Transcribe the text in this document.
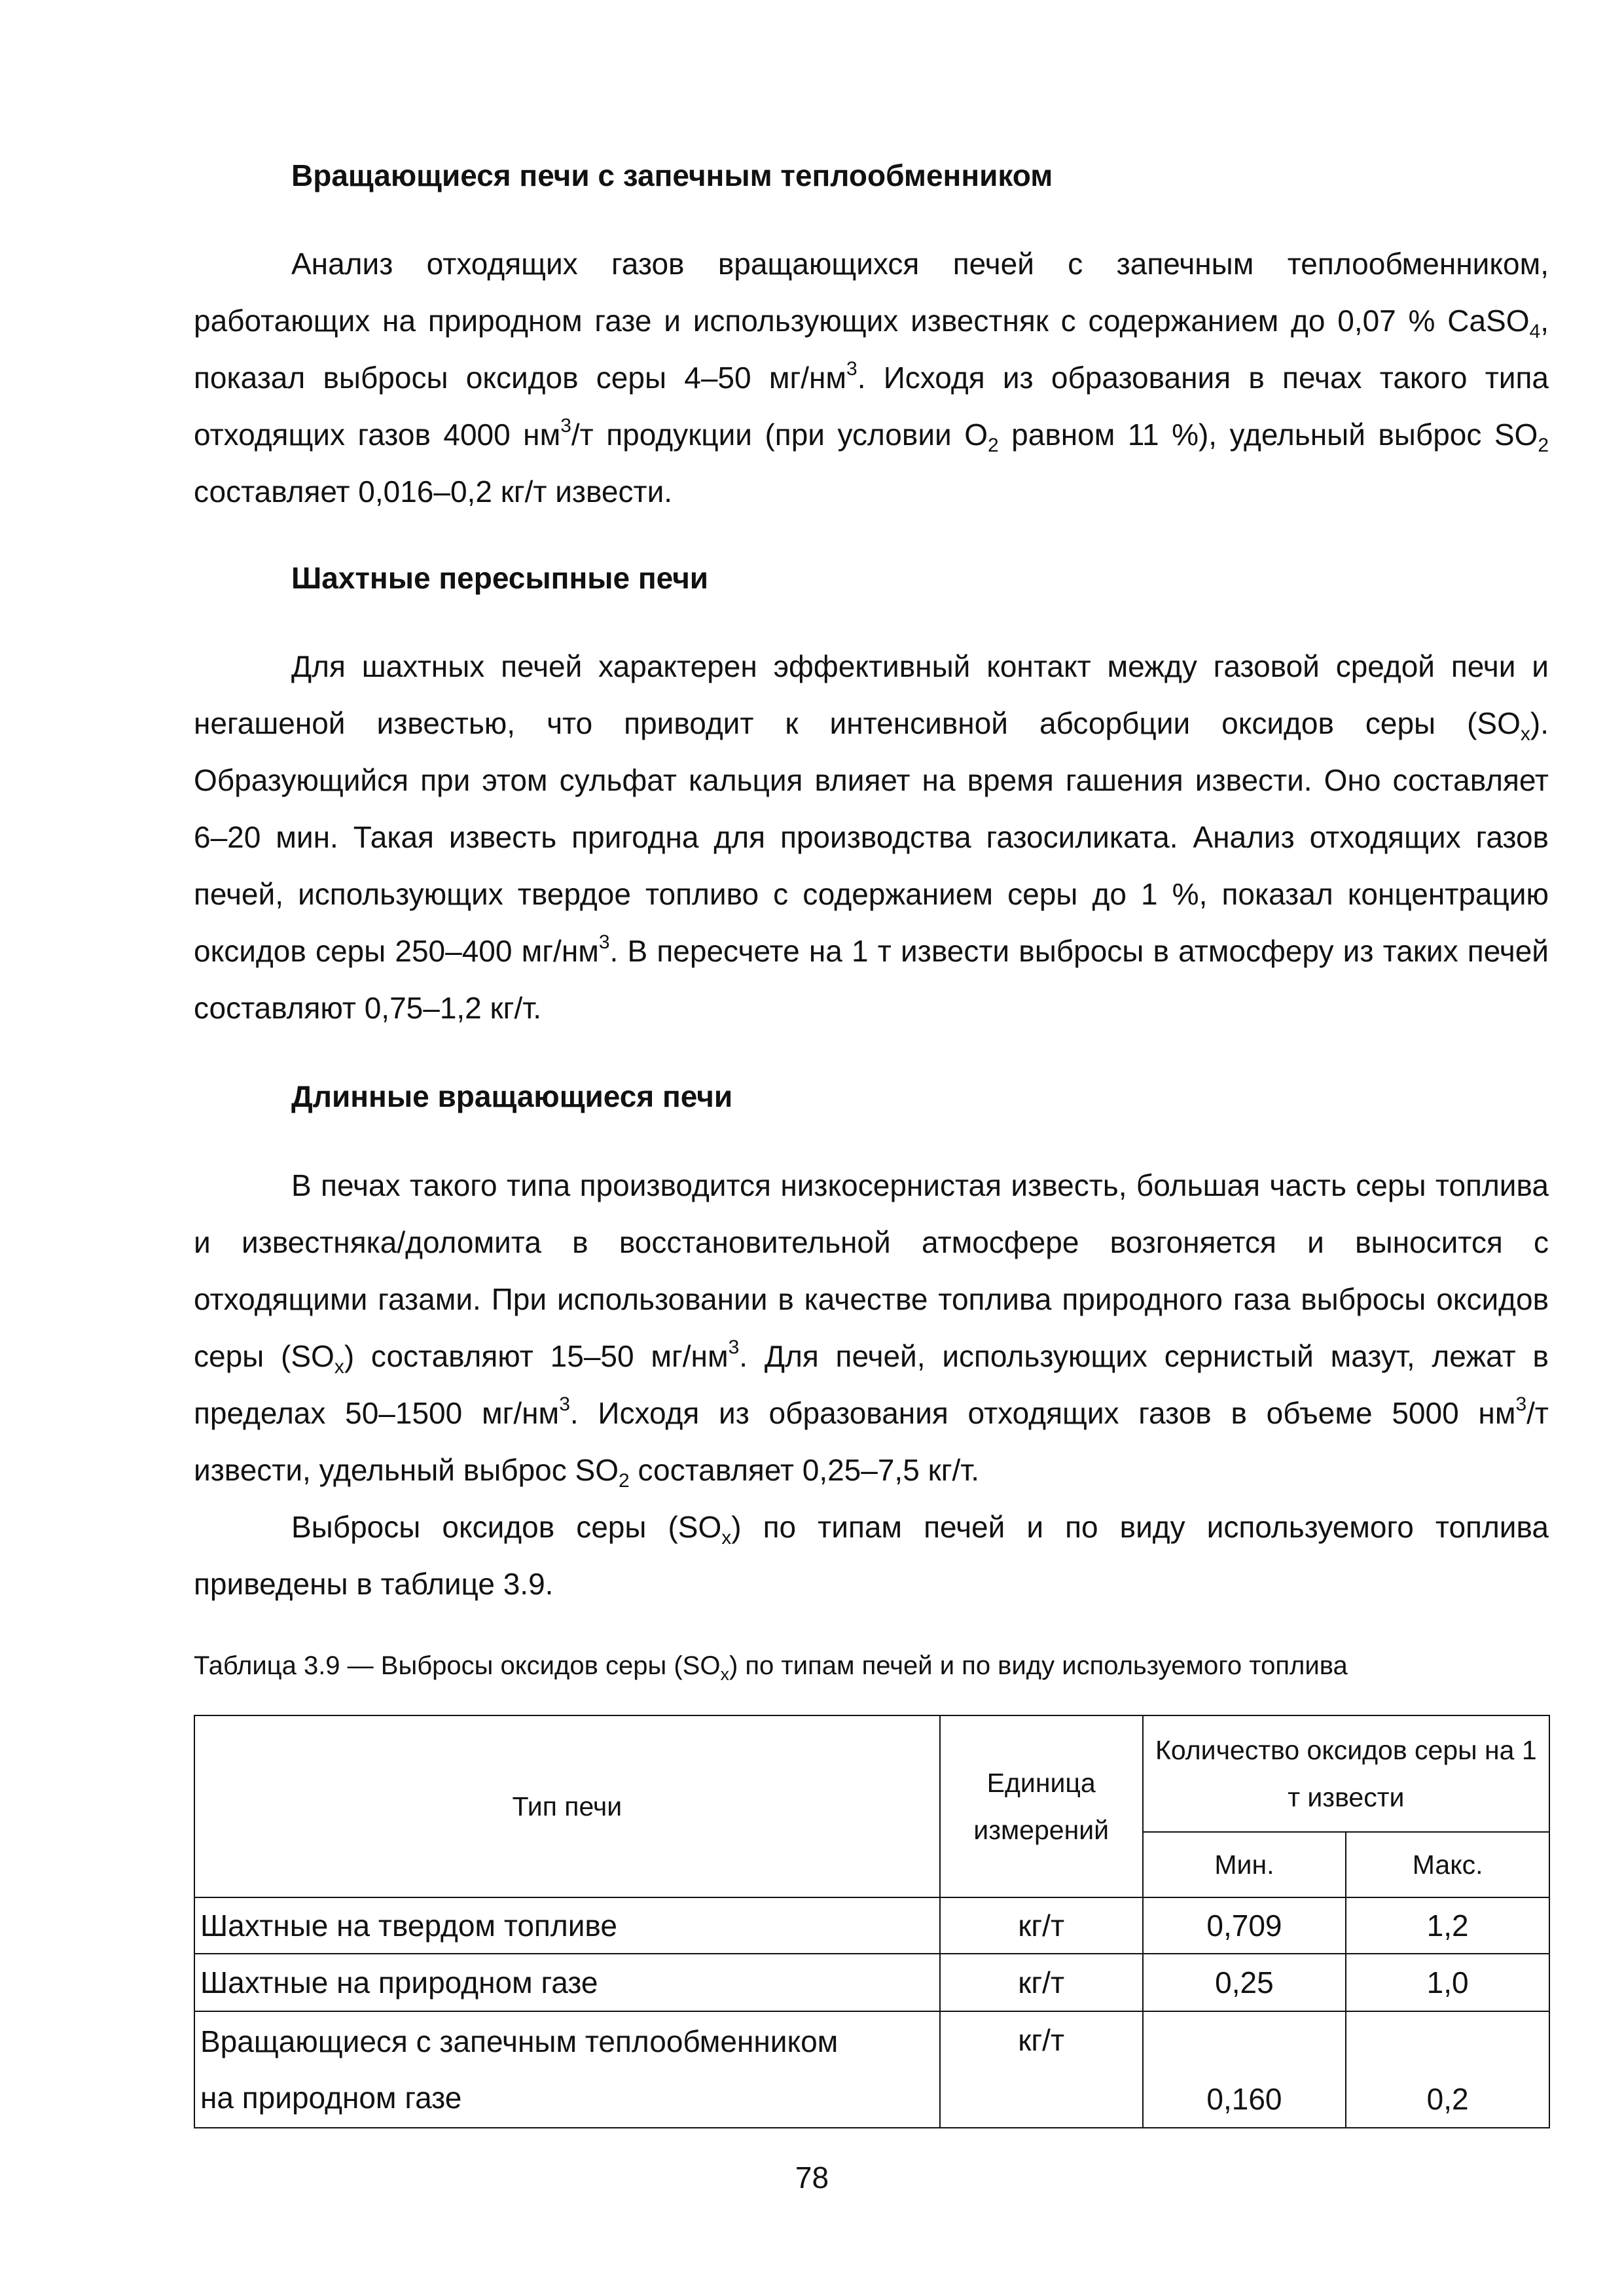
Вращающиеся печи с запечным теплообменником
Анализ отходящих газов вращающихся печей с запечным теплообменником, работающих на природном газе и использующих известняк с содержанием до 0,07 % CaSO$_4$, показал выбросы оксидов серы 4–50 $мг/нм^3$. Исходя из образования в печах такого типа отходящих газов 4000 $нм^3/т$ продукции (при условии $O_2$ равном 11 %), удельный выброс $SO_2$ составляет 0,016–0,2 кг/т извести.
Шахтные пересыпные печи
Для шахтных печей характерен эффективный контакт между газовой средой печи и негашеной известью, что приводит к интенсивной абсорбции оксидов серы $(SO_x)$. Образующийся при этом сульфат кальция влияет на время гашения извести. Оно составляет 6–20 мин. Такая известь пригодна для производства газосиликата. Анализ отходящих газов печей, использующих твердое топливо с содержанием серы до 1 %, показал концентрацию оксидов серы 250–400 $мг/нм^3$. В пересчете на 1 т извести выбросы в атмосферу из таких печей составляют 0,75–1,2 кг/т.
Длинные вращающиеся печи
В печах такого типа производится низкосернистая известь, большая часть серы топлива и известняка/доломита в восстановительной атмосфере возгоняется и выносится с отходящими газами. При использовании в качестве топлива природного газа выбросы оксидов серы $(SO_x)$ составляют 15–50 $мг/нм^3$. Для печей, использующих сернистый мазут, лежат в пределах 50–1500 $мг/нм^3$. Исходя из образования отходящих газов в объеме 5000 $нм^3/т$ извести, удельный выброс $SO_2$ составляет 0,25–7,5 кг/т.
Выбросы оксидов серы $(SO_x)$ по типам печей и по виду используемого топлива приведены в таблице 3.9.
Таблица 3.9 — Выбросы оксидов серы $(SO_x)$ по типам печей и по виду используемого топлива
Тип печи	Единица измерений	Количество оксидов серы на 1 т извести	
		Мин.	Макс.
Шахтные на твердом топливе	кг/т	0,709	1,2
Шахтные на природном газе	кг/т	0,25	1,0

Вращающиеся с запечным теплообменником
на природном газе	кг/т	0,160	0,2
78
